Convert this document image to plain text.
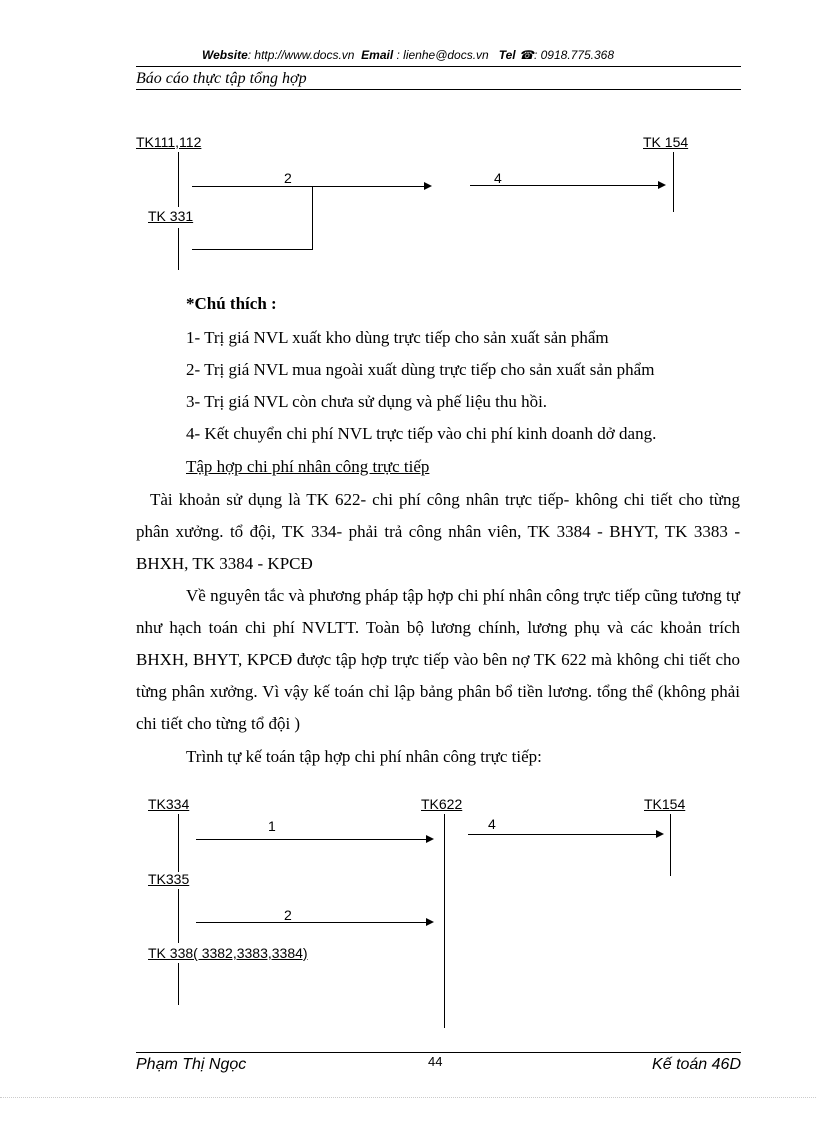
Website: http://www.docs.vn Email : lienhe@docs.vn Tel ☎: 0918.775.368
Báo cáo thực tập tổng hợp
TK111,112	TK 154
TK 331
2	4
*Chú thích :
1- Trị giá NVL xuất kho dùng trực tiếp cho sản xuất sản phẩm
2- Trị giá NVL mua ngoài xuất dùng trực tiếp cho sản xuất sản phẩm
3- Trị giá NVL còn chưa sử dụng và phế liệu thu hồi.
4- Kết chuyển chi phí NVL trực tiếp vào chi phí kinh doanh dở dang.
Tập hợp chi phí nhân công trực tiếp
Tài khoản sử dụng là TK 622- chi phí công nhân trực tiếp- không chi tiết cho từng phân xưởng. tổ đội, TK 334- phải trả công nhân viên, TK 3384 - BHYT, TK 3383 - BHXH, TK 3384 - KPCĐ
Về nguyên tắc và phương pháp tập hợp chi phí nhân công trực tiếp cũng tương tự như hạch toán chi phí NVLTT. Toàn bộ lương chính, lương phụ và các khoản trích BHXH, BHYT, KPCĐ được tập hợp trực tiếp vào bên nợ TK 622 mà không chi tiết cho từng phân xưởng. Vì vậy kế toán chỉ lập bảng phân bổ tiền lương. tổng thể (không phải chi tiết cho từng tổ đội )
Trình tự kế toán tập hợp chi phí nhân công trực tiếp:
TK334	TK622	TK154
1	4
TK335
2
TK 338( 3382,3383,3384)
Phạm Thị Ngọc	44	Kế toán 46D
